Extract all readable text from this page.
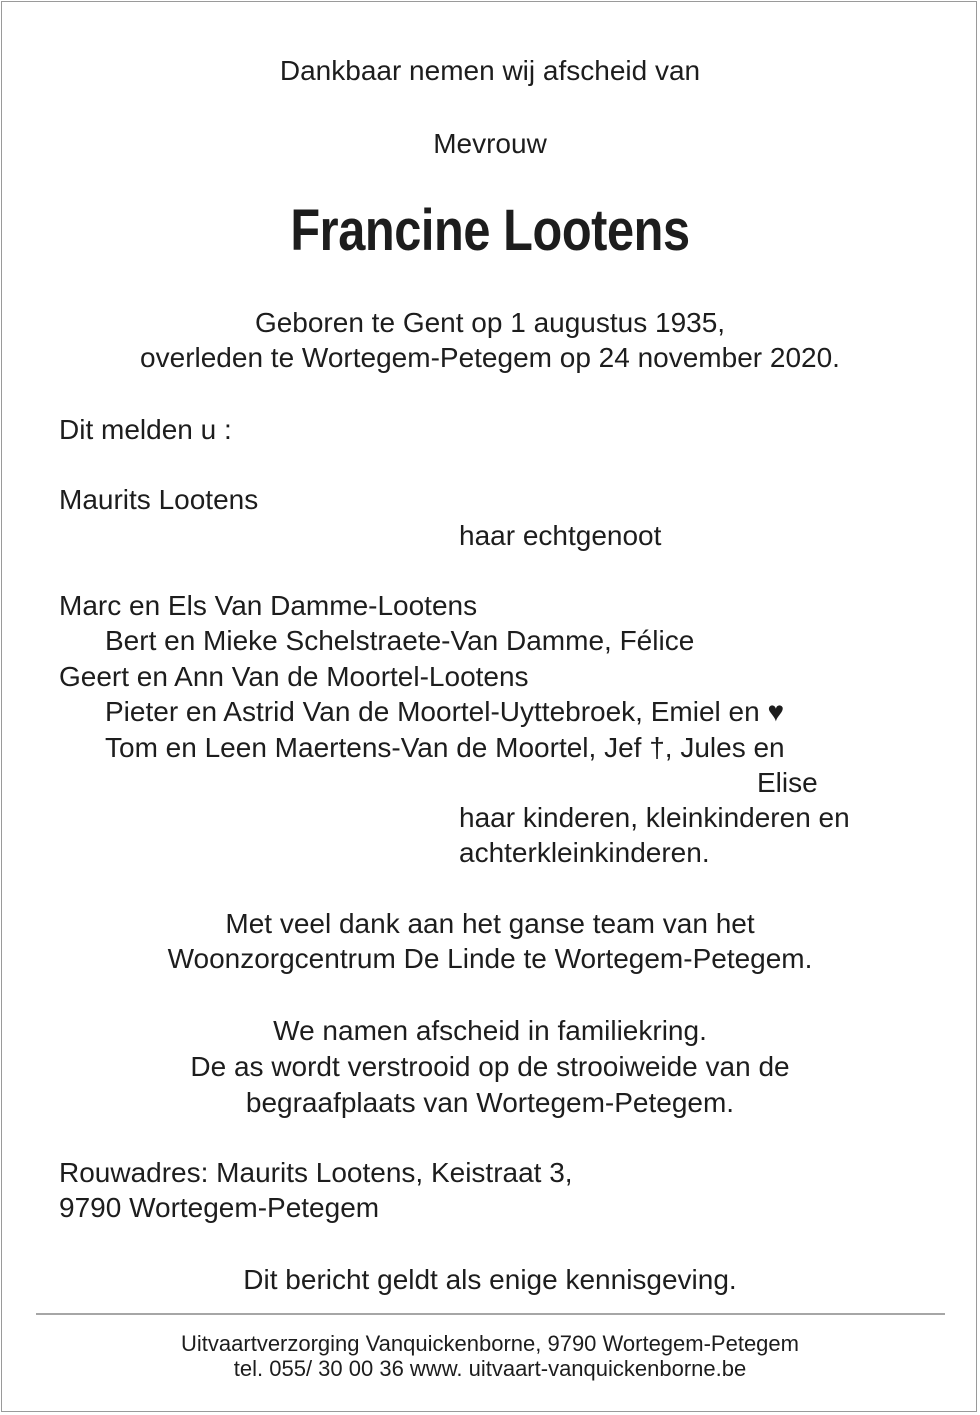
Dankbaar nemen wij afscheid van

Mevrouw

Francine Lootens

Geboren te Gent op 1 augustus 1935,

overleden te Wortegem-Petegem op 24 november 2020.

Dit melden u :

Maurits Lootens

haar echtgenoot

Marc en Els Van Damme-Lootens

Bert en Mieke Schelstraete-Van Damme, Félice

Geert en Ann Van de Moortel-Lootens

Pieter en Astrid Van de Moortel-Uyttebroek, Emiel en ♥

Tom en Leen Maertens-Van de Moortel, Jef †, Jules en

Elise

haar kinderen, kleinkinderen en

achterkleinkinderen.

Met veel dank aan het ganse team van het

Woonzorgcentrum De Linde te Wortegem-Petegem.

We namen afscheid in familiekring.

De as wordt verstrooid op de strooiweide van de

begraafplaats van Wortegem-Petegem.

Rouwadres: Maurits Lootens, Keistraat 3,

9790 Wortegem-Petegem

Dit bericht geldt als enige kennisgeving.

Uitvaartverzorging Vanquickenborne, 9790 Wortegem-Petegem

tel. 055/ 30 00 36 www. uitvaart-vanquickenborne.be
